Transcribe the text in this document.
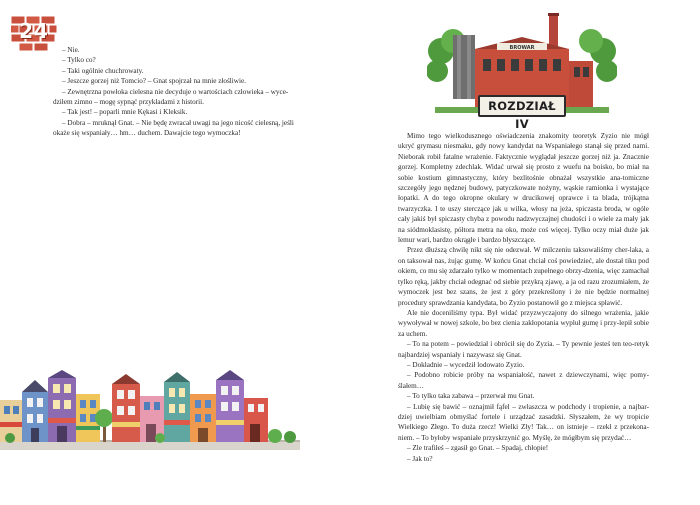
24

– Nie.

– Tylko co?

– Taki ogólnie chuchrowaty.

– Jeszcze gorzej niż Tomcio? – Gnat spojrzał na mnie złośliwie.

– Zewnętrzna powłoka cielesna nie decyduje o wartościach człowieka – wyce-dziłem zimno – mogę sypnąć przykładami z historii.

– Tak jest! – poparli mnie Kękasi i Kleksik.

– Dobra – mruknął Gnat. – Nie będę zwracał uwagi na jego nicość cielesną, jeśli okaże się wspaniały… hm… duchem. Dawajcie tego wymoczka!

BROWAR
ROZDZIAŁ IV

Mimo tego wielkodusznego oświadczenia znakomity teoretyk Zyzio nie mógł ukryć grymasu niesmaku, gdy nowy kandydat na Wspaniałego stanął się przed nami. Nieborak robił fatalne wrażenie. Faktycznie wyglądał jeszcze gorzej niż ja. Znacznie gorzej. Kompletny zdechlak. Widać urwał się prosto z wuefu na boisko, bo miał na sobie kostium gimnastyczny, który bezlitośnie obnażał wszystkie ana-tomiczne szczegóły jego nędznej budowy, patyczkowate nożyny, wąskie ramionka i wystające łopatki. A do tego okropne okulary w drucikowej oprawce i ta blada, trójkątna twarzyczka. I te uszy sterczące jak u wilka, włosy na jeża, spiczasta broda, w ogóle cały jakiś był spiczasty chyba z powodu nadzwyczajnej chudości i o wiele za mały jak na siódmoklasistę, półtora metra na oko, może coś więcej. Tylko oczy miał duże jak lemur wari, bardzo okrągłe i bardzo błyszczące.

Przez dłuższą chwilę nikt się nie odezwał. W milczeniu taksowaliśmy cher-laka, a on taksował nas, żując gumę. W końcu Gnat chciał coś powiedzieć, ale dostał tiku pod okiem, co mu się zdarzało tylko w momentach zupełnego obrzy-dzenia, więc zamachał tylko ręką, jakby chciał odegnać od siebie przykrą zjawę, a ja od razu zrozumiałem, że wymoczek jest bez szans, że jest z góry przekreślony i że nie będzie normalnej procedury sprawdzania kandydata, bo Zyzio postanowił go z miejsca spławić.

Ale nie doceniliśmy typa. Był widać przyzwyczajony do silnego wrażenia, jakie wywoływał w nowej szkole, bo bez cienia zakłopotania wypluł gumę i przy-lepił sobie za uchem.

– To na potem – powiedział i obrócił się do Zyzia. – Ty pewnie jesteś ten teo-retyk najbardziej wspaniały i nazywasz się Gnat.

– Dokładnie – wycedził lodowato Zyzio.

– Podobno robicie próby na wspaniałość, nawet z dziewczynami, więc pomy-ślałem…

– To tylko taka zabawa – przerwał mu Gnat.

– Lubię się bawić – oznajmił fąfel – zwłaszcza w podchody i tropienie, a najbar-dziej uwielbiam obmyślać fortele i urządzać zasadzki. Słyszałem, że wy tropicie Wielkiego Złego. To duża rzecz! Wielki Zły! Tak… on istnieje – rzekł z przekona-niem. – To byłoby wspaniałe przyskrzynić go. Myślę, że mógłbym się przydać…

– Zle trafiłeś – zgasił go Gnat. – Spadaj, chłopie!

– Jak to?
